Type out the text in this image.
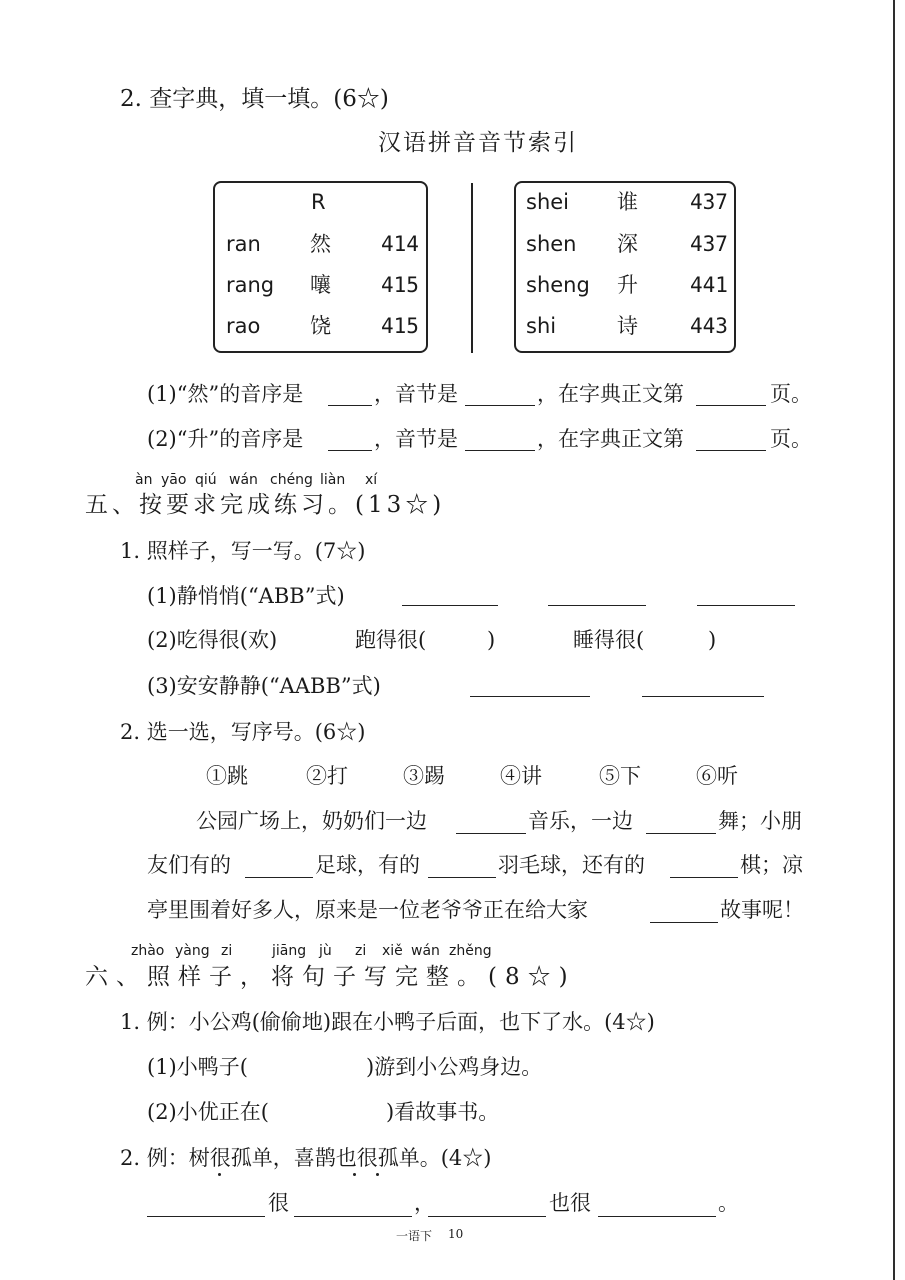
2. 查字典，填一填。(6☆)
汉语拼音音节索引
R
ran 然 414
rang 嚷 415
rao 饶 415
shei 谁 437
shen 深 437
sheng 升 441
shi	诗 443
(1)“然”的音序是	，音节是	，在字典正文第	页。
(2)“升”的音序是	，音节是	，在字典正文第	页。
àn yāo qiú wán chéng liàn xí
五、按要求完成练习。(13☆)
1. 照样子，写一写。(7☆)
(1)静悄悄(“ABB”式)
(2)吃得很(欢)	跑得很(	)	睡得很(	)
(3)安安静静(“AABB”式)
2. 选一选，写序号。(6☆)
①跳	②打	③踢	④讲	⑤下	⑥听
公园广场上，奶奶们一边	音乐，一边	舞；小朋
友们有的	足球，有的	羽毛球，还有的	棋；凉
亭里围着好多人，原来是一位老爷爷正在给大家	故事呢！
zhào yàng zi	jiāng jù zi xiě wán zhěng
六、照样子，将句子写完整。(8☆)
1. 例：小公鸡(偷偷地)跟在小鸭子后面，也下了水。(4☆)
(1)小鸭子(	)游到小公鸡身边。
(2)小优正在(	)看故事书。
2. 例：树很孤单，喜鹊也很孤单。(4☆)
很	，	也很	。
一语下 10
